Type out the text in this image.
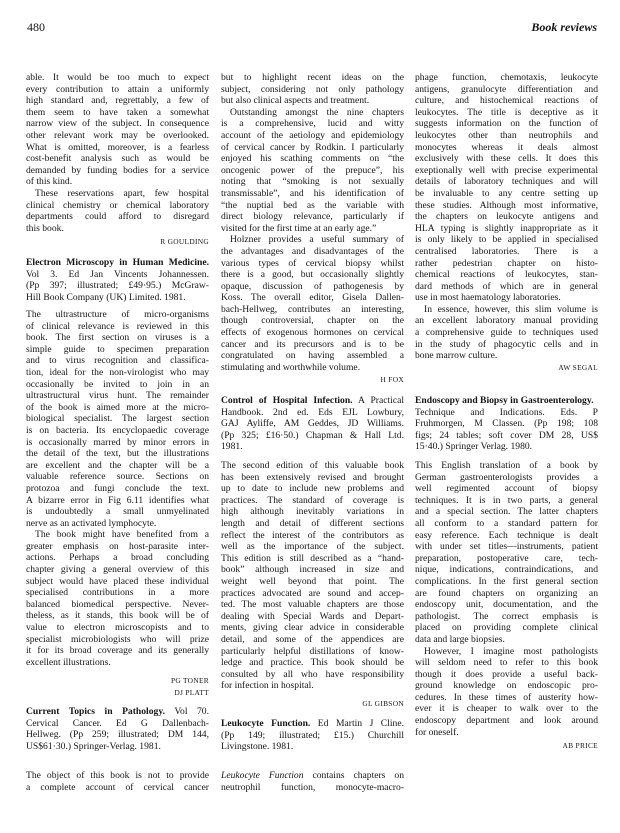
480	Book reviews
able. It would be too much to expect
every contribution to attain a uniformly
high standard and, regrettably, a few of
them seem to have taken a somewhat
narrow view of the subject. In consequence
other relevant work may be overlooked.
What is omitted, moreover, is a fearless
cost-benefit analysis such as would be
demanded by funding bodies for a service
of this kind.
These reservations apart, few hospital
clinical chemistry or chemical laboratory
departments could afford to disregard
this book.
R GOULDING
Electron Microscopy in Human Medicine.
Vol 3. Ed Jan Vincents Johannessen.
(Pp 397; illustrated; £49·95.) McGraw-
Hill Book Company (UK) Limited. 1981.
The ultrastructure of micro-organisms
of clinical relevance is reviewed in this
book. The first section on viruses is a
simple guide to specimen preparation
and to virus recognition and classifica-
tion, ideal for the non-virologist who may
occasionally be invited to join in an
ultrastructural virus hunt. The remainder
of the book is aimed more at the micro-
biological specialist. The largest section
is on bacteria. Its encyclopaedic coverage
is occasionally marred by minor errors in
the detail of the text, but the illustrations
are excellent and the chapter will be a
valuable reference source. Sections on
protozoa and fungi conclude the text.
A bizarre error in Fig 6.11 identifies what
is undoubtedly a small unmyelinated
nerve as an activated lymphocyte.
The book might have benefited from a
greater emphasis on host-parasite inter-
actions. Perhaps a broad concluding
chapter giving a general overview of this
subject would have placed these individual
specialised contributions in a more
balanced biomedical perspective. Never-
theless, as it stands, this book will be of
value to electron microscopists and to
specialist microbiologists who will prize
it for its broad coverage and its generally
excellent illustrations.
PG TONER
DJ PLATT
Current Topics in Pathology. Vol 70.
Cervical Cancer. Ed G Dallenbach-
Hellweg. (Pp 259; illustrated; DM 144,
US$61·30.) Springer-Verlag. 1981.
The object of this book is not to provide
a complete account of cervical cancer
but to highlight recent ideas on the
subject, considering not only pathology
but also clinical aspects and treatment.
Outstanding amongst the nine chapters
is a comprehensive, lucid and witty
account of the aetiology and epidemiology
of cervical cancer by Rodkin. I particularly
enjoyed his scathing comments on “the
oncogenic power of the prepuce”, his
noting that “smoking is not sexually
transmissable”, and his identification of
“the nuptial bed as the variable with
direct biology relevance, particularly if
visited for the first time at an early age.”
Holzner provides a useful summary of
the advantages and disadvantages of the
various types of cervical biopsy whilst
there is a good, but occasionally slightly
opaque, discussion of pathogenesis by
Koss. The overall editor, Gisela Dallen-
bach-Hellweg, contributes an interesting,
though controversial, chapter on the
effects of exogenous hormones on cervical
cancer and its precursors and is to be
congratulated on having assembled a
stimulating and worthwhile volume.
H FOX
Control of Hospital Infection. A Practical
Handbook. 2nd ed. Eds EJL Lowbury,
GAJ Ayliffe, AM Geddes, JD Williams.
(Pp 325; £16·50.) Chapman & Hall Ltd.
1981.
The second edition of this valuable book
has been extensively revised and brought
up to date to include new problems and
practices. The standard of coverage is
high although inevitably variations in
length and detail of different sections
reflect the interest of the contributors as
well as the importance of the subject.
This edition is still described as a “hand-
book” although increased in size and
weight well beyond that point. The
practices advocated are sound and accep-
ted. The most valuable chapters are those
dealing with Special Wards and Depart-
ments, giving clear advice in considerable
detail, and some of the appendices are
particularly helpful distillations of know-
ledge and practice. This book should be
consulted by all who have responsibility
for infection in hospital.
GL GIBSON
Leukocyte Function. Ed Martin J Cline.
(Pp 149; illustrated; £15.) Churchill
Livingstone. 1981.
Leukocyte Function contains chapters on
neutrophil function, monocyte-macro-
phage function, chemotaxis, leukocyte
antigens, granulocyte differentiation and
culture, and histochemical reactions of
leukocytes. The title is deceptive as it
suggests information on the function of
leukocytes other than neutrophils and
monocytes whereas it deals almost
exclusively with these cells. It does this
exeptionally well with precise experimental
details of laboratory techniques and will
be invaluable to any centre setting up
these studies. Although most informative,
the chapters on leukocyte antigens and
HLA typing is slightly inappropriate as it
is only likely to be applied in specialised
centralised laboratories. There is a
rather pedestrian chapter on histo-
chemical reactions of leukocytes, stan-
dard methods of which are in general
use in most haematology laboratories.
In essence, however, this slim volume is
an excellent laboratory manual providing
a comprehensive guide to techniques used
in the study of phagocytic cells and in
bone marrow culture.
AW SEGAL
Endoscopy and Biopsy in Gastroenterology.
Technique and Indications. Eds. P
Fruhmorgen, M Classen. (Pp 198; 108
figs; 24 tables; soft cover DM 28, US$
15·40.) Springer Verlag. 1980.
This English translation of a book by
German gastroenterologists provides a
well regimented account of biopsy
techniques. It is in two parts, a general
and a special section. The latter chapters
all conform to a standard pattern for
easy reference. Each technique is dealt
with under set titles—instruments, patient
preparation, postoperative care, tech-
nique, indications, contraindications, and
complications. In the first general section
are found chapters on organizing an
endoscopy unit, documentation, and the
pathologist. The correct emphasis is
placed on providing complete clinical
data and large biopsies.
However, I imagine most pathologists
will seldom need to refer to this book
though it does provide a useful back-
ground knowledge on endoscopic pro-
cedures. In these times of austerity how-
ever it is cheaper to walk over to the
endoscopy department and look around
for oneself.
AB PRICE
